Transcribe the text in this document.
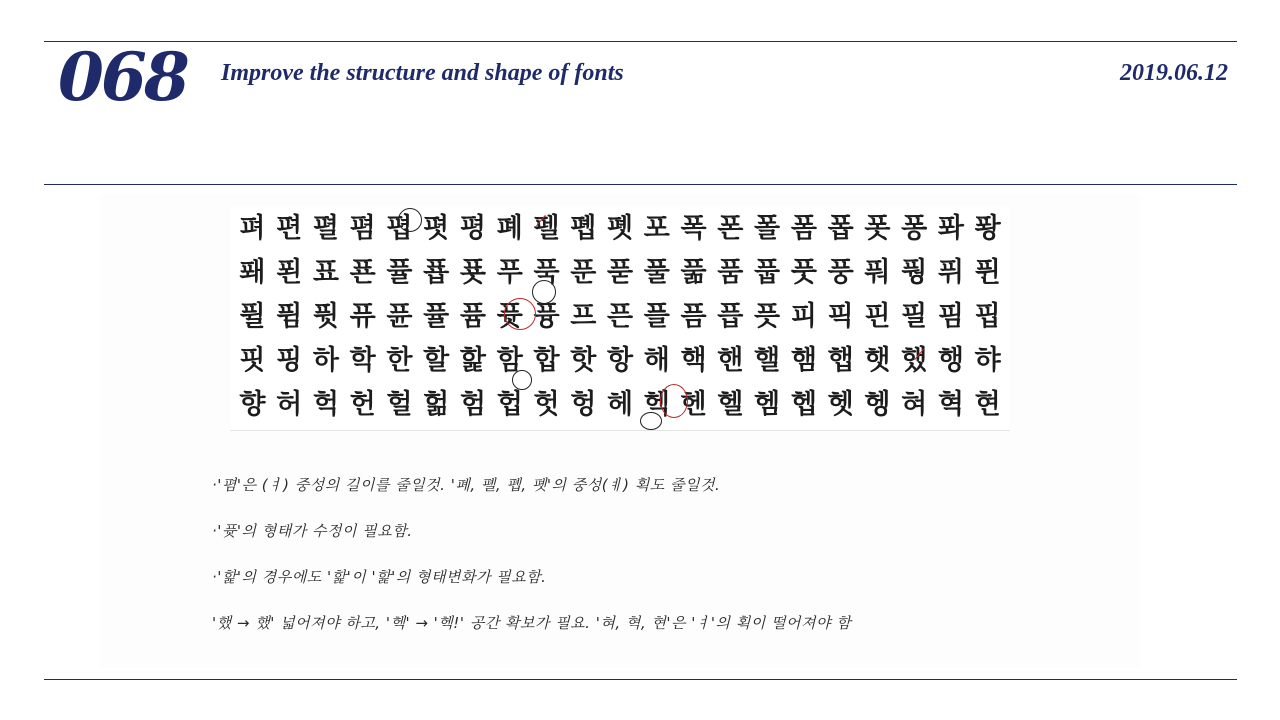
068 Improve the structure and shape of fonts	2019.06.12
펴 편 펼 폄 폅 폇 평 폐 펠 폡 폣 포 폭 폰 폴 폼 폽 폿 퐁 퐈 퐝
퐤 푄 표 푠 퓰 푭 푯 푸 푹 푼 푿 풀 풂 품 풉 풋 풍 풔 풩 퓌 퓐
퓔 퓜 퓟 퓨 퓬 퓰 퓸 퓻 퓽 프 픈 플 픔 픕 픗 피 픽 핀 필 핌 핍
핏 핑 하 학 한 할 핥 함 합 핫 항 해 핵 핸 핼 햄 햅 햇 했 행 햐
향 허 헉 헌 헐 헒 험 헙 헛 헝 헤 헥 헨 헬 헴 헵 헷 헹 혀 혁 현
·'폄'은 (ㅕ) 중성의 길이를 줄일것. '폐, 폘, 폡, 폣'의 중성(ㅖ) 획도 줄일것.
·'퓻'의 형태가 수정이 필요함.
·'핥'의 경우에도 '핥'이 '핥'의 형태변화가 필요함.
'했 → 했' 넓어져야 하고, '헥' → '헥!' 공간 확보가 필요. '혀, 혁, 현'은 'ㅕ'의 획이 떨어져야 함
